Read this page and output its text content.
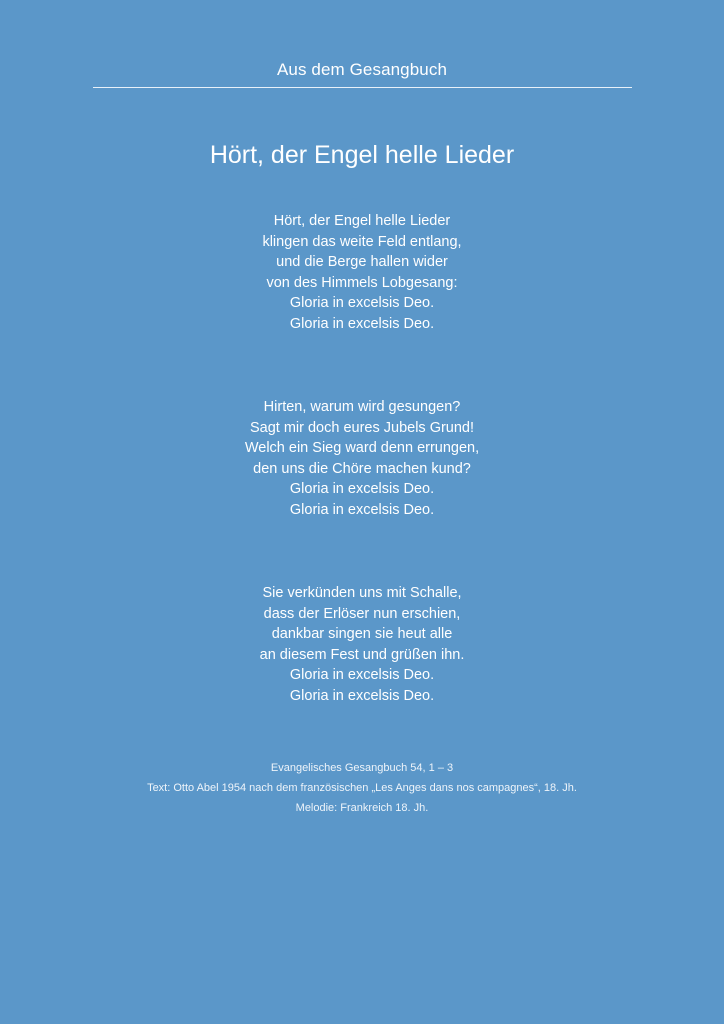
Aus dem Gesangbuch
Hört, der Engel helle Lieder
Hört, der Engel helle Lieder
klingen das weite Feld entlang,
und die Berge hallen wider
von des Himmels Lobgesang:
Gloria in excelsis Deo.
Gloria in excelsis Deo.
Hirten, warum wird gesungen?
Sagt mir doch eures Jubels Grund!
Welch ein Sieg ward denn errungen,
den uns die Chöre machen kund?
Gloria in excelsis Deo.
Gloria in excelsis Deo.
Sie verkünden uns mit Schalle,
dass der Erlöser nun erschien,
dankbar singen sie heut alle
an diesem Fest und grüßen ihn.
Gloria in excelsis Deo.
Gloria in excelsis Deo.
Evangelisches Gesangbuch 54, 1 – 3
Text: Otto Abel 1954 nach dem französischen „Les Anges dans nos campagnes“, 18. Jh.
Melodie: Frankreich 18. Jh.
